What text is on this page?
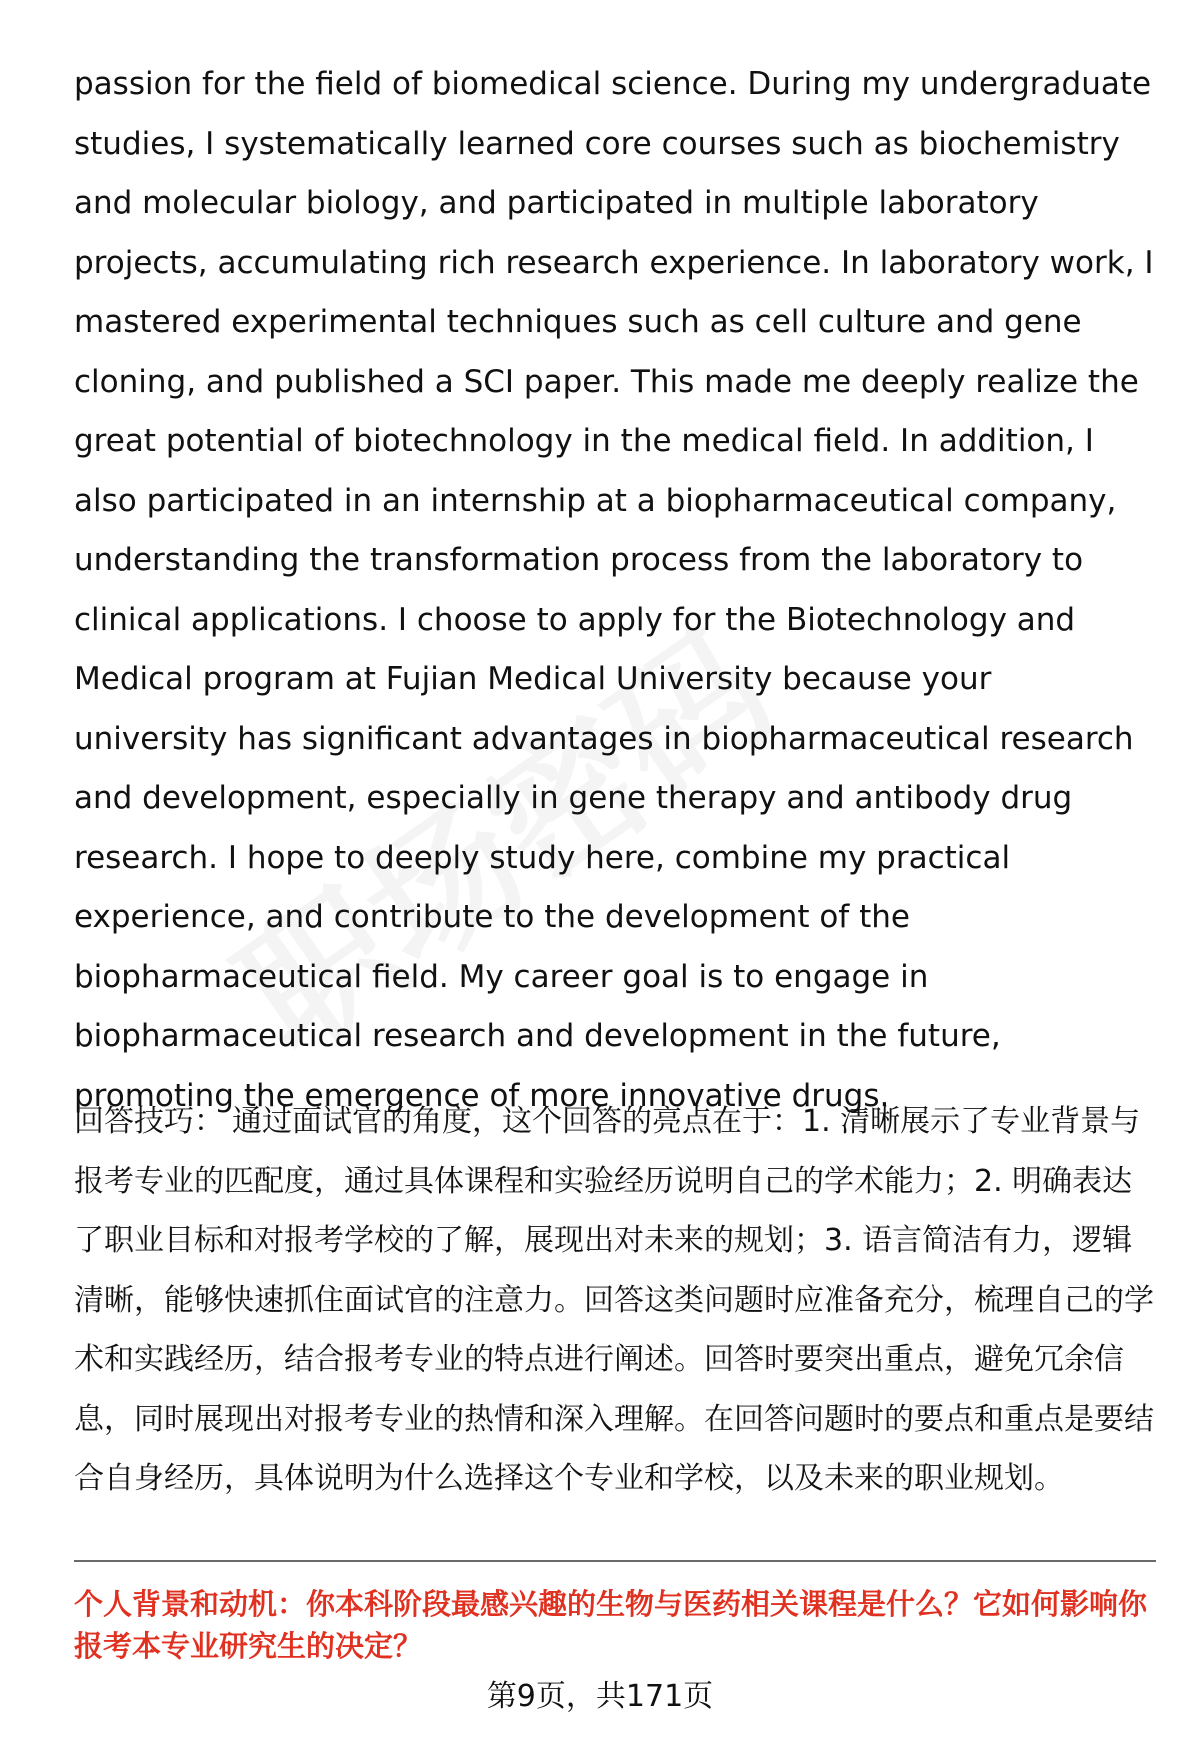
passion for the field of biomedical science. During my undergraduate studies, I systematically learned core courses such as biochemistry and molecular biology, and participated in multiple laboratory projects, accumulating rich research experience. In laboratory work, I mastered experimental techniques such as cell culture and gene cloning, and published a SCI paper. This made me deeply realize the great potential of biotechnology in the medical field. In addition, I also participated in an internship at a biopharmaceutical company, understanding the transformation process from the laboratory to clinical applications. I choose to apply for the Biotechnology and Medical program at Fujian Medical University because your university has significant advantages in biopharmaceutical research and development, especially in gene therapy and antibody drug research. I hope to deeply study here, combine my practical experience, and contribute to the development of the biopharmaceutical field. My career goal is to engage in biopharmaceutical research and development in the future, promoting the emergence of more innovative drugs.

回答技巧： 通过面试官的角度，这个回答的亮点在于：1. 清晰展示了专业背景与报考专业的匹配度，通过具体课程和实验经历说明自己的学术能力；2. 明确表达了职业目标和对报考学校的了解，展现出对未来的规划；3. 语言简洁有力，逻辑清晰，能够快速抓住面试官的注意力。回答这类问题时应准备充分，梳理自己的学术和实践经历，结合报考专业的特点进行阐述。回答时要突出重点，避免冗余信息，同时展现出对报考专业的热情和深入理解。在回答问题时的要点和重点是要结合自身经历，具体说明为什么选择这个专业和学校，以及未来的职业规划。

个人背景和动机：你本科阶段最感兴趣的生物与医药相关课程是什么？它如何影响你报考本专业研究生的决定？

第9页，共171页
